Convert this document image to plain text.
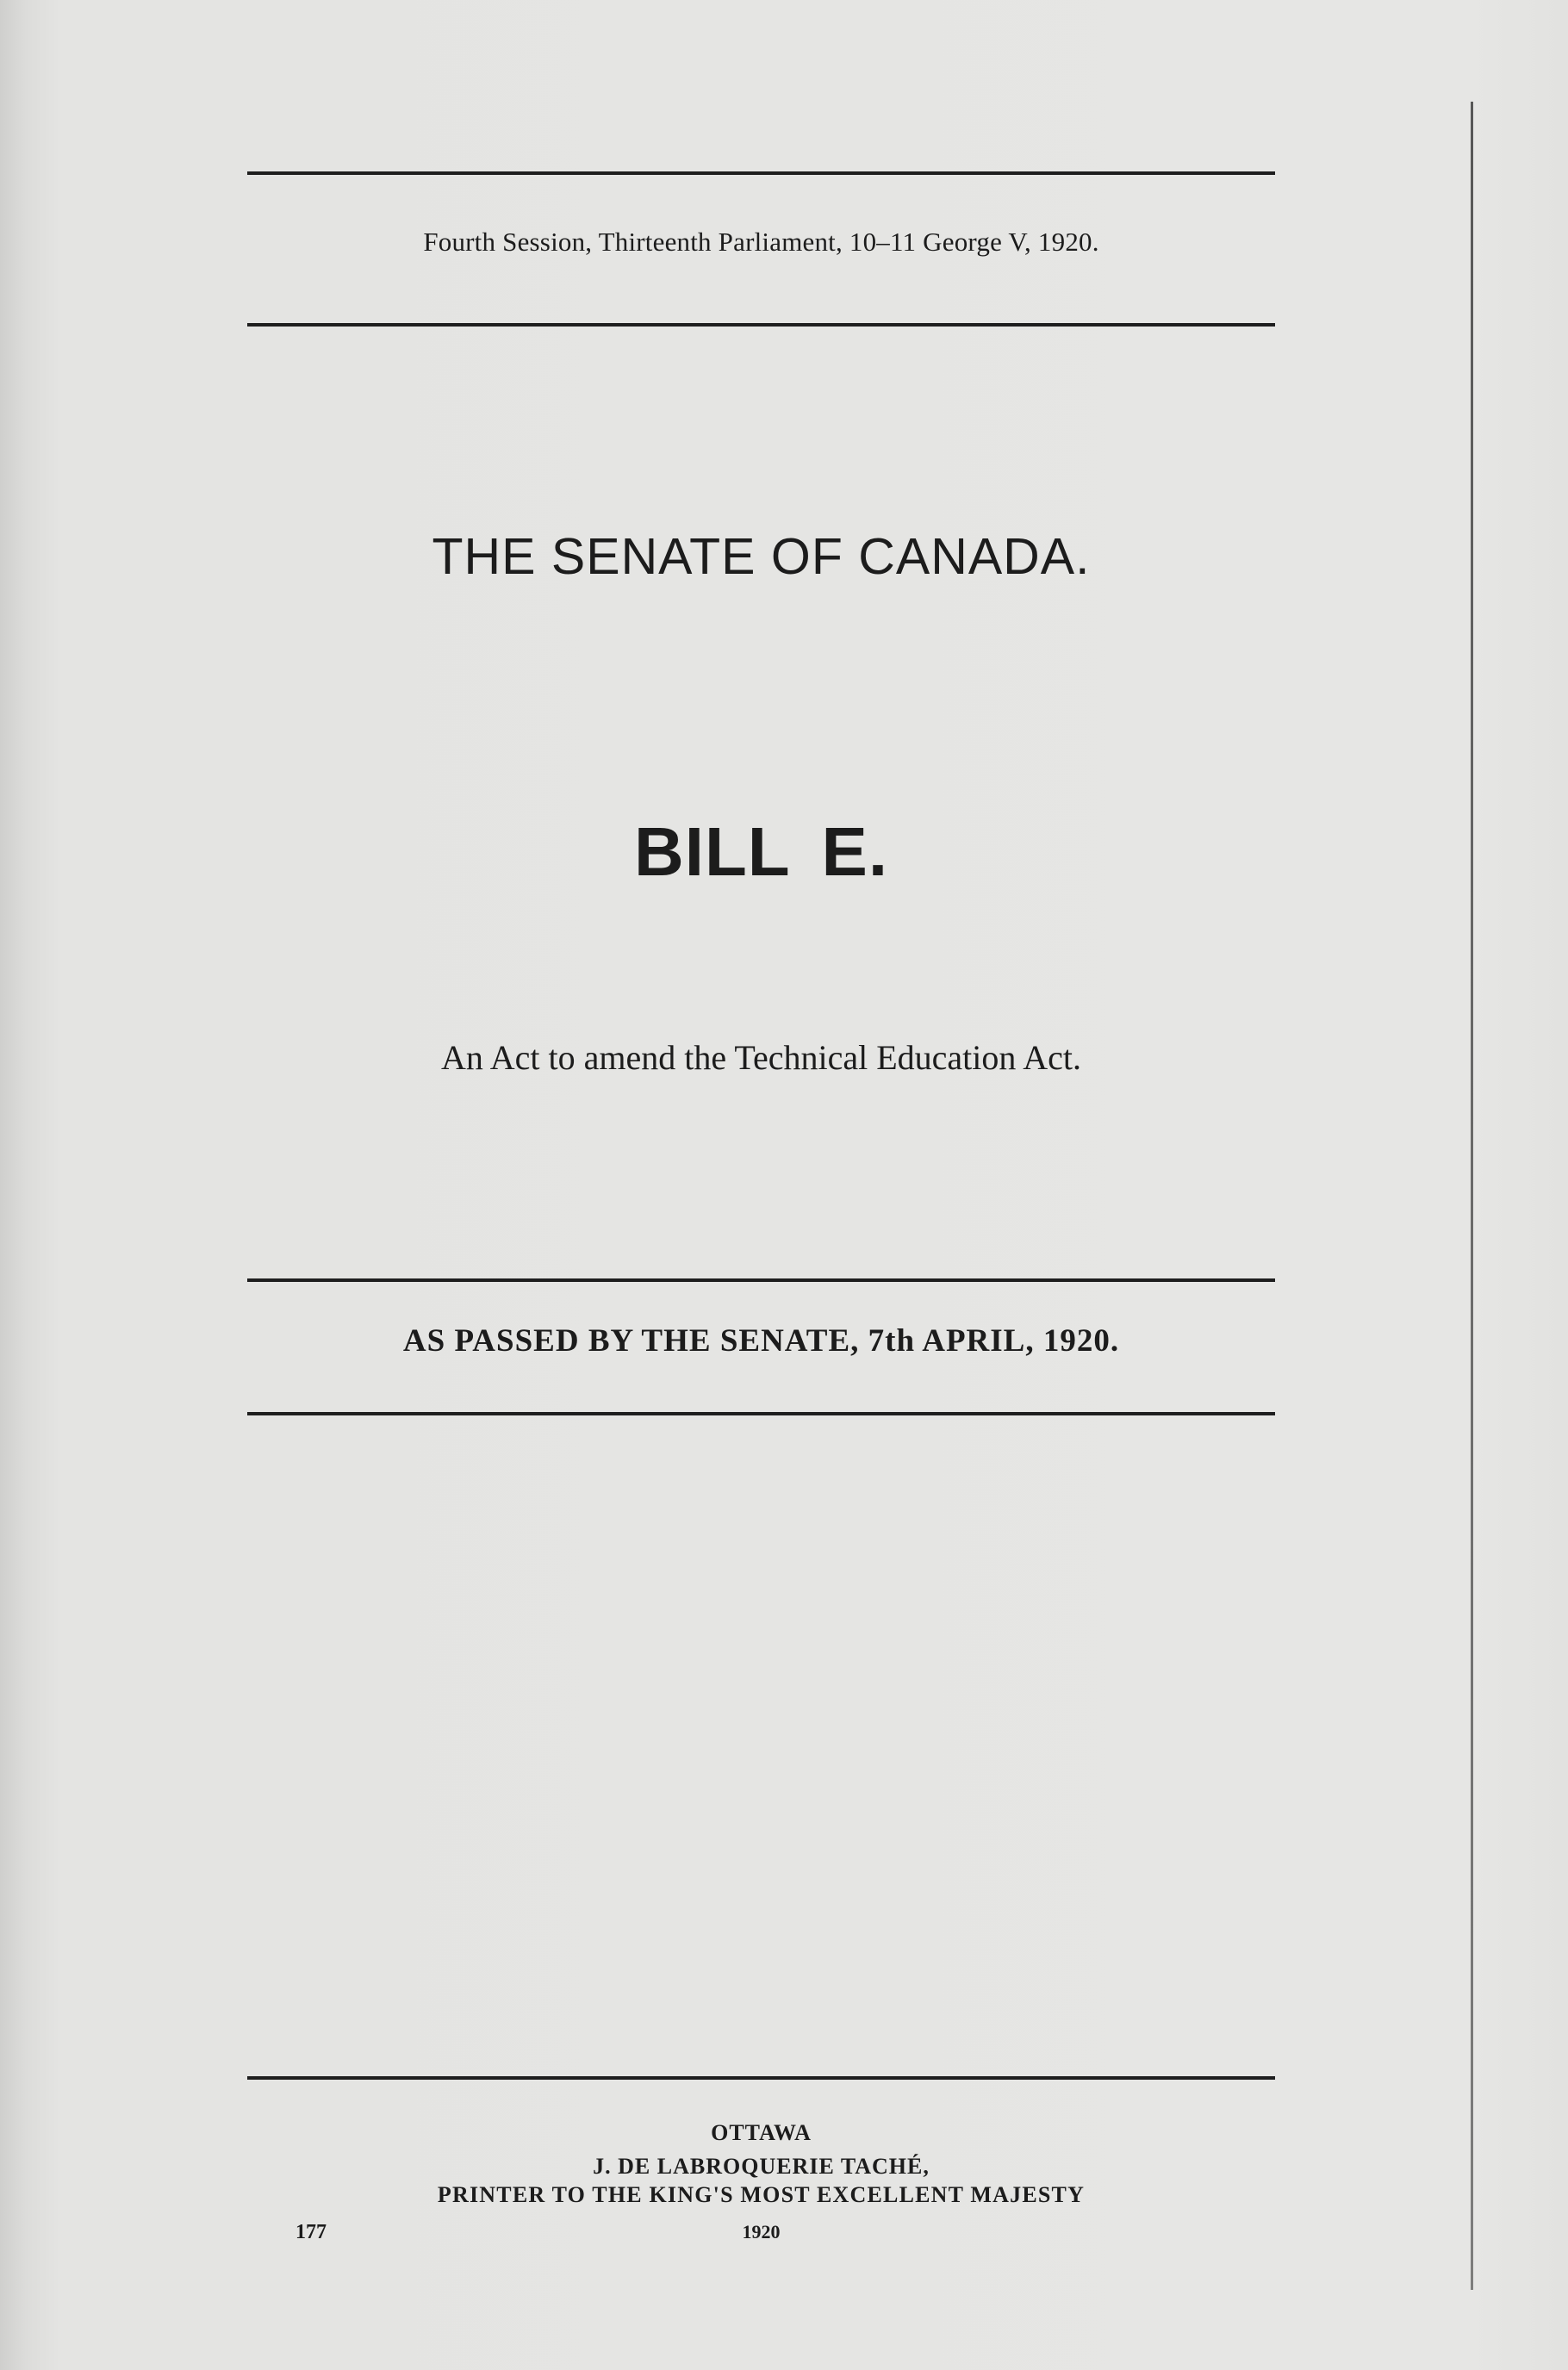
Fourth Session, Thirteenth Parliament, 10–11 George V, 1920.
THE SENATE OF CANADA.
BILL E.
An Act to amend the Technical Education Act.
AS PASSED BY THE SENATE, 7th APRIL, 1920.
OTTAWA
J. DE LABROQUERIE TACHÉ,
PRINTER TO THE KING'S MOST EXCELLENT MAJESTY
177	1920
